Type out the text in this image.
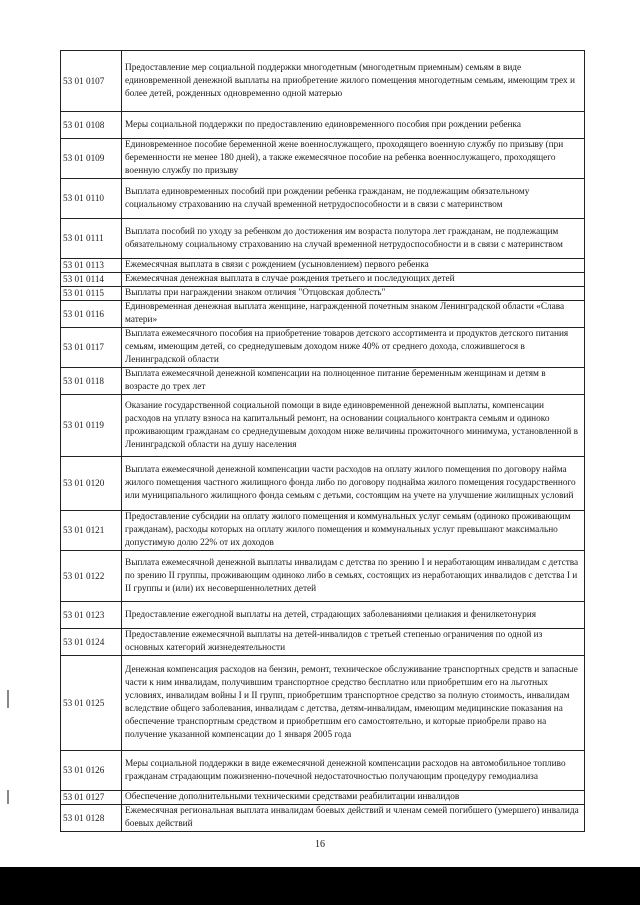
53 01 0107	Предоставление мер социальной поддержки многодетным (многодетным приемным) семьям в виде единовременной денежной выплаты на приобретение жилого помещения многодетным семьям, имеющим трех и более детей, рожденных одновременно одной матерью
53 01 0108	Меры социальной поддержки по предоставлению единовременного пособия при рождении ребенка
53 01 0109	Единовременное пособие беременной жене военнослужащего, проходящего военную службу по призыву (при беременности не менее 180 дней), а также ежемесячное пособие на ребенка военнослужащего, проходящего военную службу по призыву
53 01 0110	Выплата единовременных пособий при рождении ребенка гражданам, не подлежащим обязательному социальному страхованию на случай временной нетрудоспособности и в связи с материнством
53 01 0111	Выплата пособий по уходу за ребенком до достижения им возраста полутора лет гражданам, не подлежащим обязательному социальному страхованию на случай временной нетрудоспособности и в связи с материнством
53 01 0113	Ежемесячная выплата в связи с рождением (усыновлением) первого ребенка
53 01 0114	Ежемесячная денежная выплата в случае рождения третьего и последующих детей
53 01 0115	Выплаты при награждении знаком отличия "Отцовская доблесть"
53 01 0116	Единовременная денежная выплата женщине, награжденной почетным знаком Ленинградской области «Слава матери»
53 01 0117	Выплата ежемесячного пособия на приобретение товаров детского ассортимента и продуктов детского питания семьям, имеющим детей, со среднедушевым доходом ниже 40% от среднего дохода, сложившегося в Ленинградской области
53 01 0118	Выплата ежемесячной денежной компенсации на полноценное питание беременным женщинам и детям в возрасте до трех лет
53 01 0119	Оказание государственной социальной помощи в виде единовременной денежной выплаты, компенсации расходов на уплату взноса на капитальный ремонт, на основании социального контракта семьям и одиноко проживающим гражданам со среднедушевым доходом ниже величины прожиточного минимума, установленной в Ленинградской области на душу населения
53 01 0120	Выплата ежемесячной денежной компенсации части расходов на оплату жилого помещения по договору найма жилого помещения частного жилищного фонда либо по договору поднайма жилого помещения государственного или муниципального жилищного фонда семьям с детьми, состоящим на учете на улучшение жилищных условий
53 01 0121	Предоставление субсидии на оплату жилого помещения и коммунальных услуг семьям (одиноко проживающим гражданам), расходы которых на оплату жилого помещения и коммунальных услуг превышают максимально допустимую долю 22% от их доходов
53 01 0122	Выплата ежемесячной денежной выплаты инвалидам с детства по зрению I и неработающим инвалидам с детства по зрению II группы, проживающим одиноко либо в семьях, состоящих из неработающих инвалидов с детства I и II группы и (или) их несовершеннолетних детей
53 01 0123	Предоставление ежегодной выплаты на детей, страдающих заболеваниями целиакия и фенилкетонурия
53 01 0124	Предоставление ежемесячной выплаты на детей-инвалидов с третьей степенью ограничения по одной из основных категорий жизнедеятельности
53 01 0125	Денежная компенсация расходов на бензин, ремонт, техническое обслуживание транспортных средств и запасные части к ним инвалидам, получившим транспортное средство бесплатно или приобретшим его на льготных условиях, инвалидам войны I и II групп, приобретшим транспортное средство за полную стоимость, инвалидам вследствие общего заболевания, инвалидам с детства, детям-инвалидам, имеющим медицинские показания на обеспечение транспортным средством и приобретшим его самостоятельно, и которые приобрели право на получение указанной компенсации до 1 января 2005 года
53 01 0126	Меры социальной поддержки в виде ежемесячной денежной компенсации расходов на автомобильное топливо гражданам страдающим пожизненно-почечной недостаточностью получающим процедуру гемодиализа
53 01 0127	Обеспечение дополнительными техническими средствами реабилитации инвалидов
53 01 0128	Ежемесячная региональная выплата инвалидам боевых действий и членам семей погибшего (умершего) инвалида боевых действий
16
